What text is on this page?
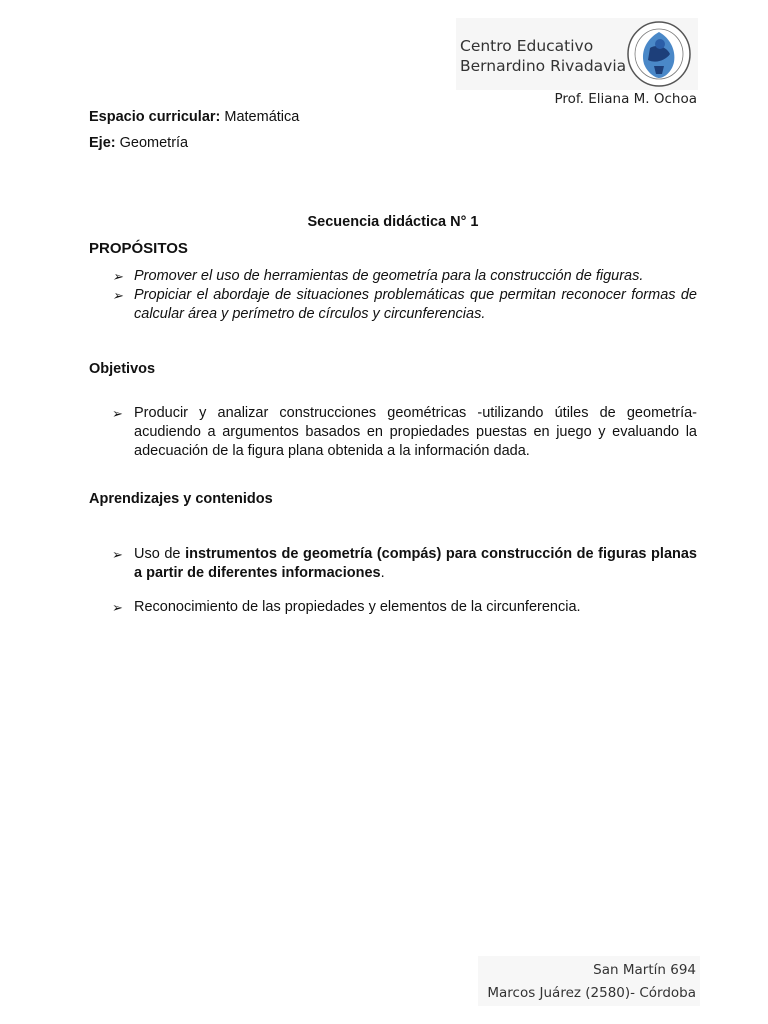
Centro Educativo
Bernardino Rivadavia
Prof. Eliana M. Ochoa
Espacio curricular: Matemática
Eje: Geometría
Secuencia didáctica N° 1
PROPÓSITOS
➢ Promover el uso de herramientas de geometría para la construcción de figuras.
➢ Propiciar el abordaje de situaciones problemáticas que permitan reconocer formas de calcular área y perímetro de círculos y circunferencias.
Objetivos
➢ Producir y analizar construcciones geométricas -utilizando útiles de geometría- acudiendo a argumentos basados en propiedades puestas en juego y evaluando la adecuación de la figura plana obtenida a la información dada.
Aprendizajes y contenidos
➢ Uso de instrumentos de geometría (compás) para construcción de figuras planas a partir de diferentes informaciones.
➢ Reconocimiento de las propiedades y elementos de la circunferencia.
San Martín 694
Marcos Juárez (2580)- Córdoba
